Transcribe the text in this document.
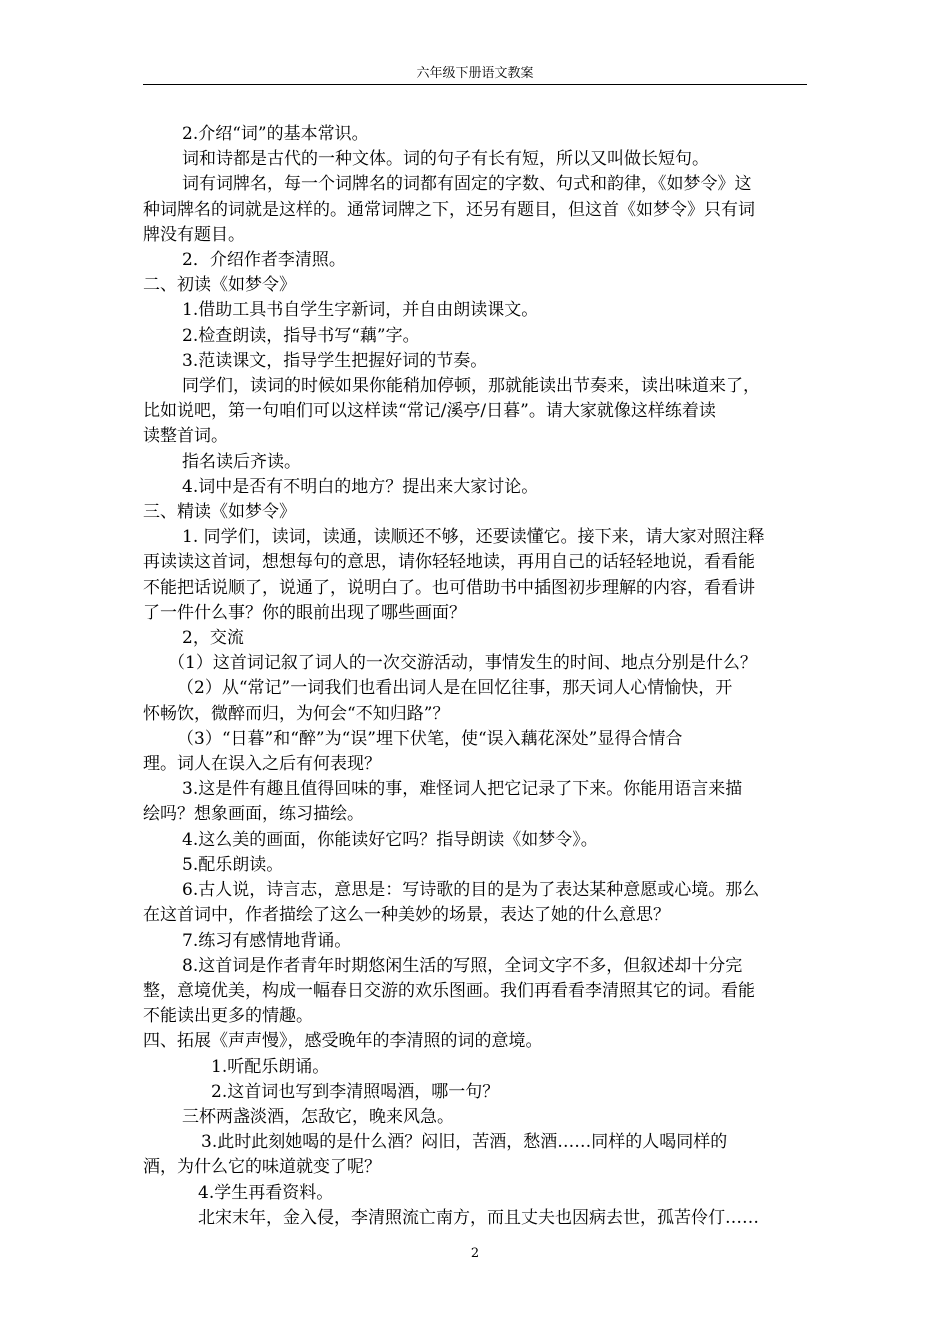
六年级下册语文教案

2.介绍“词”的基本常识。

词和诗都是古代的一种文体。词的句子有长有短，所以又叫做长短句。

词有词牌名，每一个词牌名的词都有固定的字数、句式和韵律，《如梦令》这

种词牌名的词就是这样的。通常词牌之下，还另有题目，但这首《如梦令》只有词

牌没有题目。

2．介绍作者李清照。

二、初读《如梦令》

1.借助工具书自学生字新词，并自由朗读课文。

2.检查朗读，指导书写“藕”字。

3.范读课文，指导学生把握好词的节奏。

同学们，读词的时候如果你能稍加停顿，那就能读出节奏来，读出味道来了，

比如说吧，第一句咱们可以这样读“常记/溪亭/日暮”。请大家就像这样练着读

读整首词。

指名读后齐读。

4.词中是否有不明白的地方？提出来大家讨论。

三、精读《如梦令》

1. 同学们，读词，读通，读顺还不够，还要读懂它。接下来，请大家对照注释

再读读这首词，想想每句的意思，请你轻轻地读，再用自己的话轻轻地说，看看能

不能把话说顺了，说通了，说明白了。也可借助书中插图初步理解的内容，看看讲

了一件什么事？你的眼前出现了哪些画面？

2，交流

（1）这首词记叙了词人的一次交游活动，事情发生的时间、地点分别是什么？

（2）从“常记”一词我们也看出词人是在回忆往事，那天词人心情愉快，开

怀畅饮，微醉而归，为何会“不知归路”？

（3）“日暮”和“醉”为“误”埋下伏笔，使“误入藕花深处”显得合情合

理。词人在误入之后有何表现？

3.这是件有趣且值得回味的事，难怪词人把它记录了下来。你能用语言来描

绘吗？想象画面，练习描绘。

4.这么美的画面，你能读好它吗？指导朗读《如梦令》。

5.配乐朗读。

6.古人说，诗言志，意思是：写诗歌的目的是为了表达某种意愿或心境。那么

在这首词中，作者描绘了这么一种美妙的场景，表达了她的什么意思？

7.练习有感情地背诵。

8.这首词是作者青年时期悠闲生活的写照，全词文字不多，但叙述却十分完

整，意境优美，构成一幅春日交游的欢乐图画。我们再看看李清照其它的词。看能

不能读出更多的情趣。

四、拓展《声声慢》，感受晚年的李清照的词的意境。

1.听配乐朗诵。

2.这首词也写到李清照喝酒，哪一句？

三杯两盏淡酒，怎敌它，晚来风急。

3.此时此刻她喝的是什么酒？闷旧，苦酒，愁酒……同样的人喝同样的

酒，为什么它的味道就变了呢？

4.学生再看资料。

北宋末年，金入侵，李清照流亡南方，而且丈夫也因病去世，孤苦伶仃……

2
